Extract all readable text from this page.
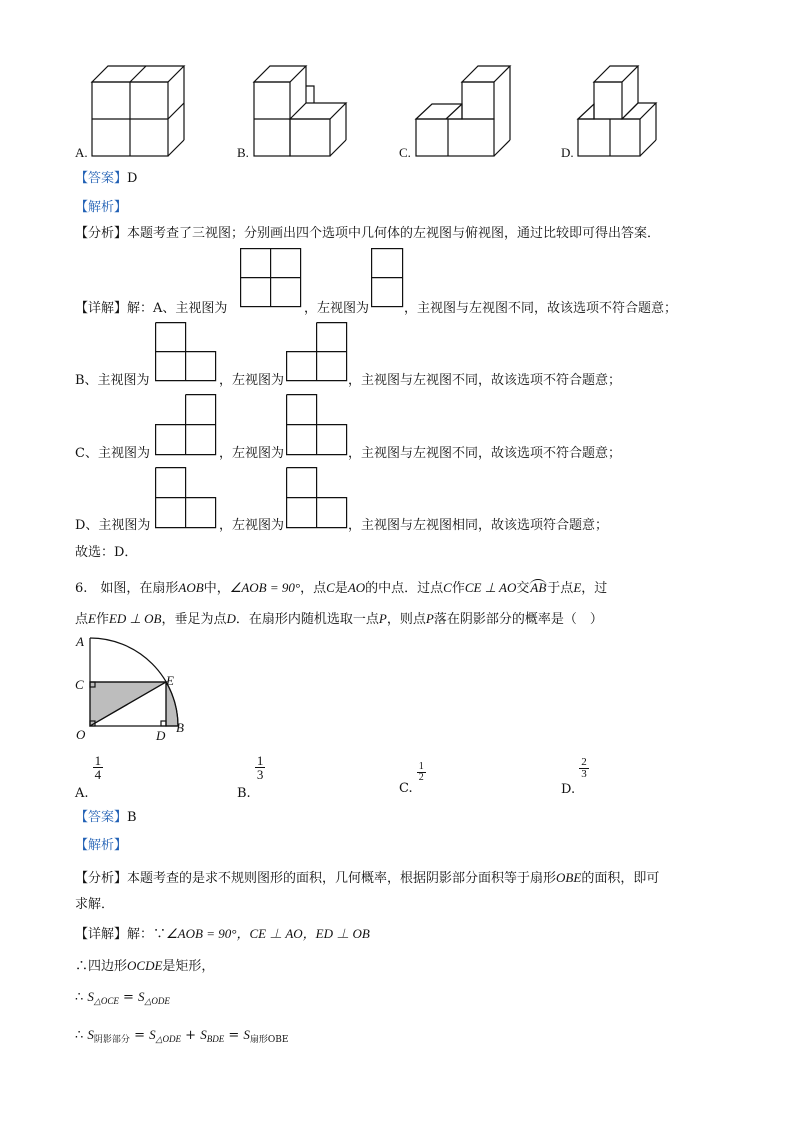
A.	B.	C.	D.
【答案】D
【解析】
【分析】本题考查了三视图；分别画出四个选项中几何体的左视图与俯视图，通过比较即可得出答案．
【详解】解：A、主视图为	，左视图为	，主视图与左视图不同，故该选项不符合题意；
B、主视图为	，左视图为	，主视图与左视图不同，故该选项不符合题意；
C、主视图为	，左视图为	，主视图与左视图不同，故该选项不符合题意；
D、主视图为	，左视图为	，主视图与左视图相同，故该选项符合题意；
故选：D．
6.　如图，在扇形AOB中，∠AOB = 90°，点C是AO的中点．过点C作CE ⊥ AO交AB于点E，过
点E作ED ⊥ OB，垂足为点D．在扇形内随机选取一点P，则点P落在阴影部分的概率是（　）
A
C	E
O	D
B
A.
$\frac{1}{4}$
B.
$\frac{1}{3}$
C.
$\frac{1}{2}$
D.
$\frac{2}{3}$
【答案】B
【解析】
【分析】本题考查的是求不规则图形的面积，几何概率，根据阴影部分面积等于扇形OBE的面积，即可
求解．
【详解】解：∵∠AOB = 90°，CE ⊥ AO，ED ⊥ OB
∴四边形OCDE是矩形，
∴ $S_{\triangle OCE} = S_{\triangle ODE}$
∴ $S_{阴影部分} = S_{\triangle ODE} + S_{BDE} = S_{扇形OBE}$
